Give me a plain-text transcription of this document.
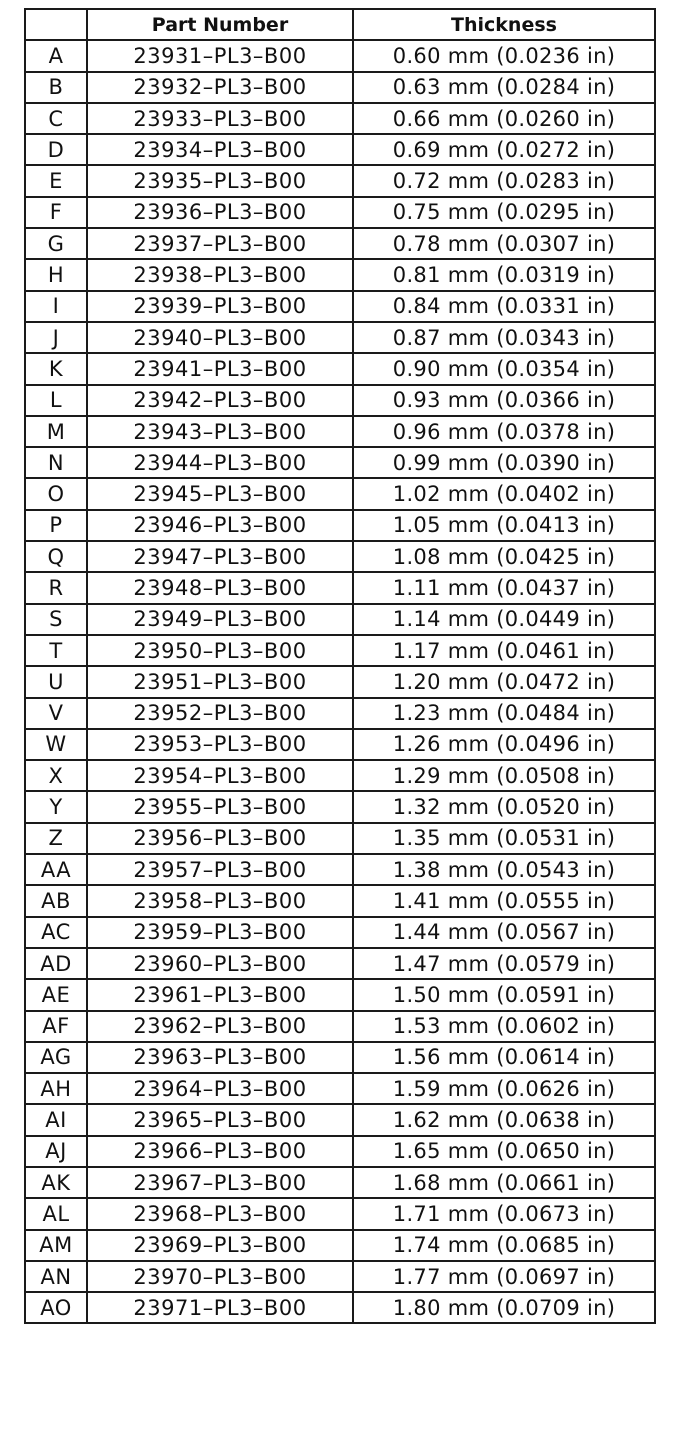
	Part Number	Thickness
A	23931–PL3–B00	0.60 mm (0.0236 in)
B	23932–PL3–B00	0.63 mm (0.0284 in)
C	23933–PL3–B00	0.66 mm (0.0260 in)
D	23934–PL3–B00	0.69 mm (0.0272 in)
E	23935–PL3–B00	0.72 mm (0.0283 in)
F	23936–PL3–B00	0.75 mm (0.0295 in)
G	23937–PL3–B00	0.78 mm (0.0307 in)
H	23938–PL3–B00	0.81 mm (0.0319 in)
I	23939–PL3–B00	0.84 mm (0.0331 in)
J	23940–PL3–B00	0.87 mm (0.0343 in)
K	23941–PL3–B00	0.90 mm (0.0354 in)
L	23942–PL3–B00	0.93 mm (0.0366 in)
M	23943–PL3–B00	0.96 mm (0.0378 in)
N	23944–PL3–B00	0.99 mm (0.0390 in)
O	23945–PL3–B00	1.02 mm (0.0402 in)
P	23946–PL3–B00	1.05 mm (0.0413 in)
Q	23947–PL3–B00	1.08 mm (0.0425 in)
R	23948–PL3–B00	1.11 mm (0.0437 in)
S	23949–PL3–B00	1.14 mm (0.0449 in)
T	23950–PL3–B00	1.17 mm (0.0461 in)
U	23951–PL3–B00	1.20 mm (0.0472 in)
V	23952–PL3–B00	1.23 mm (0.0484 in)
W	23953–PL3–B00	1.26 mm (0.0496 in)
X	23954–PL3–B00	1.29 mm (0.0508 in)
Y	23955–PL3–B00	1.32 mm (0.0520 in)
Z	23956–PL3–B00	1.35 mm (0.0531 in)
AA	23957–PL3–B00	1.38 mm (0.0543 in)
AB	23958–PL3–B00	1.41 mm (0.0555 in)
AC	23959–PL3–B00	1.44 mm (0.0567 in)
AD	23960–PL3–B00	1.47 mm (0.0579 in)
AE	23961–PL3–B00	1.50 mm (0.0591 in)
AF	23962–PL3–B00	1.53 mm (0.0602 in)
AG	23963–PL3–B00	1.56 mm (0.0614 in)
AH	23964–PL3–B00	1.59 mm (0.0626 in)
AI	23965–PL3–B00	1.62 mm (0.0638 in)
AJ	23966–PL3–B00	1.65 mm (0.0650 in)
AK	23967–PL3–B00	1.68 mm (0.0661 in)
AL	23968–PL3–B00	1.71 mm (0.0673 in)
AM	23969–PL3–B00	1.74 mm (0.0685 in)
AN	23970–PL3–B00	1.77 mm (0.0697 in)
AO	23971–PL3–B00	1.80 mm (0.0709 in)
